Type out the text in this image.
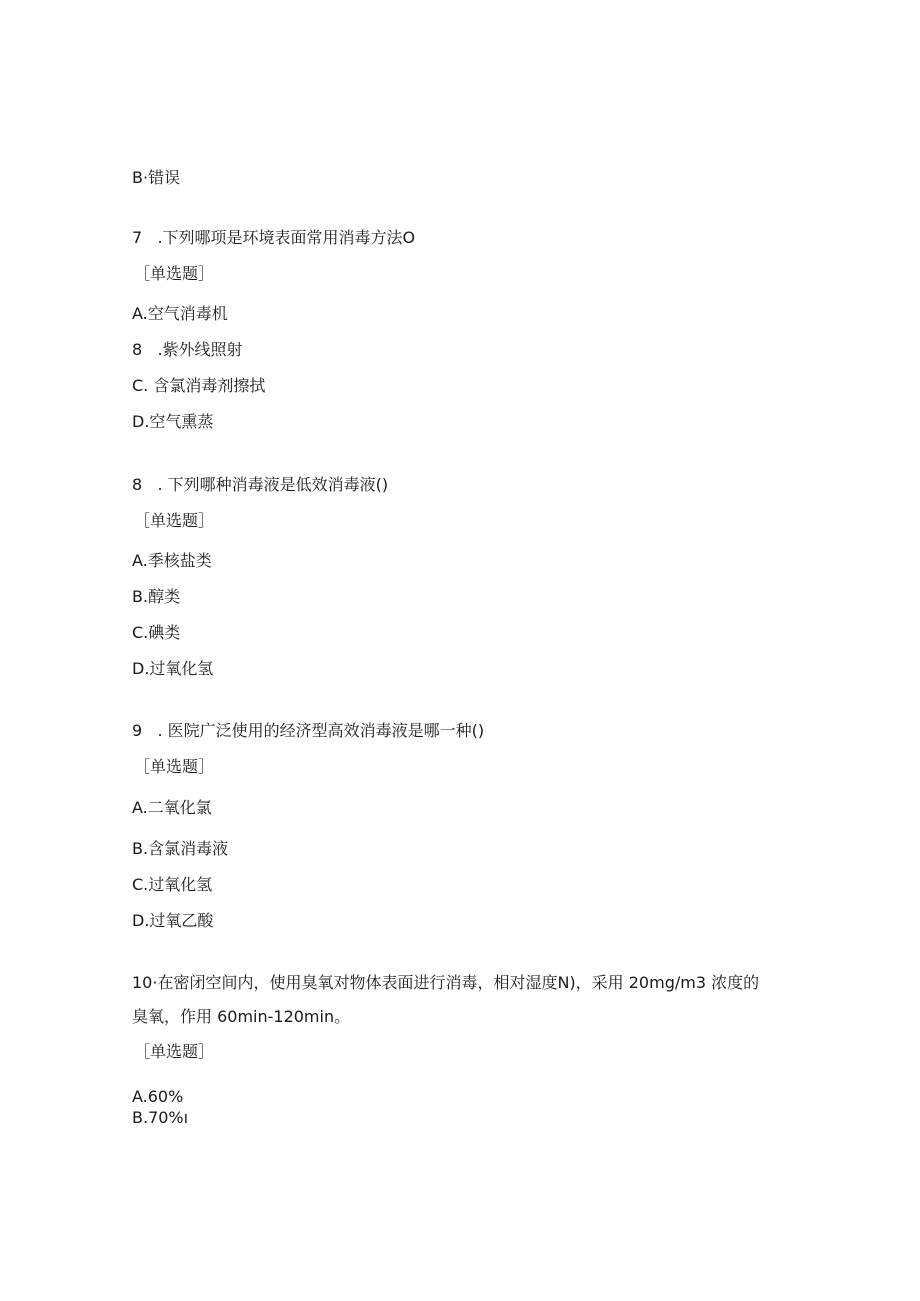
B·错误
7   .下列哪项是环境表面常用消毒方法O
［单选题］
A.空气消毒机
8   .紫外线照射
C. 含氯消毒剂擦拭
D.空气熏蒸
8   . 下列哪种消毒液是低效消毒液()
［单选题］
A.季核盐类
B.醇类
C.碘类
D.过氧化氢
9   . 医院广泛使用的经济型高效消毒液是哪一种()
［单选题］
A.二氧化氯
B.含氯消毒液
C.过氧化氢
D.过氧乙酸
10·在密闭空间内，使用臭氧对物体表面进行消毒，相对湿度N)，采用 20mg∕m3 浓度的
臭氧，作用 60min-120min。
［单选题］
A.60%
B.70%ı
